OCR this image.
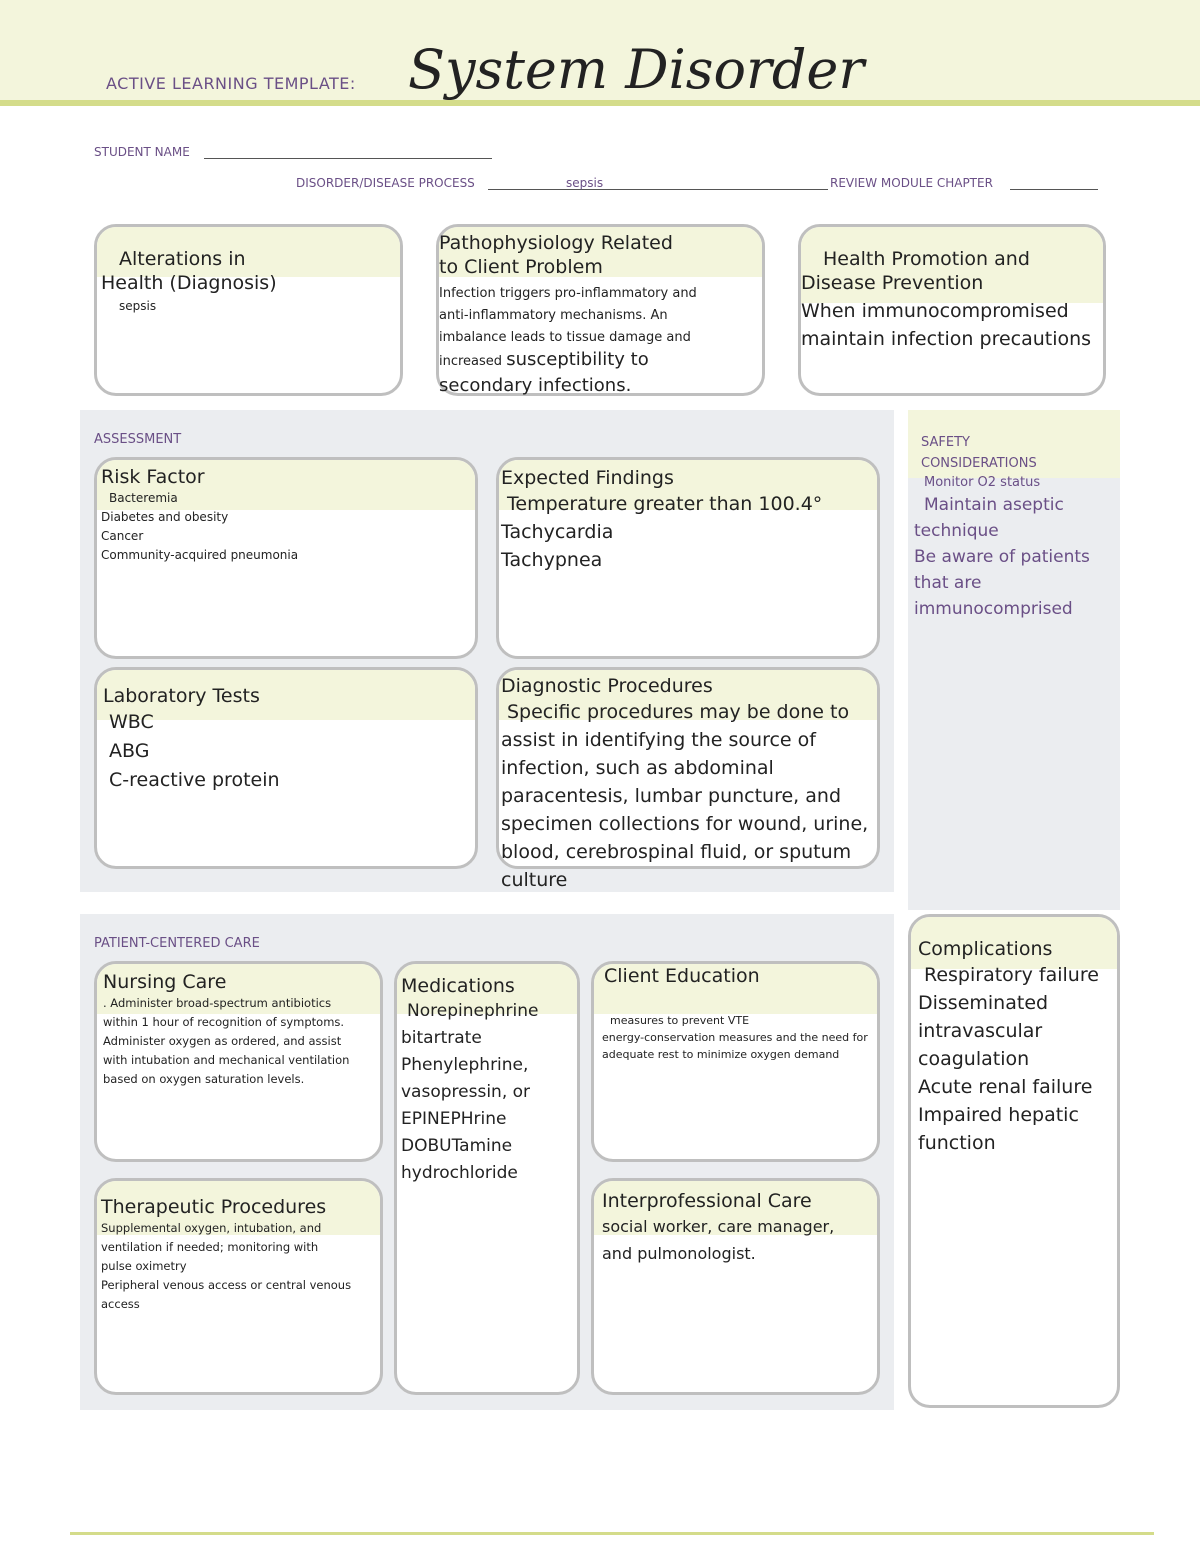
ACTIVE LEARNING TEMPLATE: System Disorder
STUDENT NAME
DISORDER/DISEASE PROCESS	sepsis	REVIEW MODULE CHAPTER
Alterations in
Health (Diagnosis)
sepsis
Pathophysiology Related
to Client Problem
Infection triggers pro-inflammatory and
anti-inflammatory mechanisms. An
imbalance leads to tissue damage and
increased susceptibility to
secondary infections.
Health Promotion and
Disease Prevention
When immunocompromised
maintain infection precautions
ASSESSMENT
Risk Factor
Bacteremia
Diabetes and obesity
Cancer
Community-acquired pneumonia
Expected Findings
Temperature greater than 100.4°
Tachycardia
Tachypnea
Laboratory Tests
WBC
ABG
C-reactive protein
Diagnostic Procedures
Specific procedures may be done to
assist in identifying the source of
infection, such as abdominal
paracentesis, lumbar puncture, and
specimen collections for wound, urine,
blood, cerebrospinal fluid, or sputum
culture
SAFETY
CONSIDERATIONS
Monitor O2 status
Maintain aseptic
technique
Be aware of patients
that are
immunocomprised
PATIENT-CENTERED CARE
Nursing Care
. Administer broad-spectrum antibiotics
within 1 hour of recognition of symptoms.
Administer oxygen as ordered, and assist
with intubation and mechanical ventilation
based on oxygen saturation levels.
Medications
Norepinephrine
bitartrate
Phenylephrine,
vasopressin, or
EPINEPHrine
DOBUTamine
hydrochloride
Client Education
measures to prevent VTE
energy-conservation measures and the need for
adequate rest to minimize oxygen demand
Therapeutic Procedures
Supplemental oxygen, intubation, and
ventilation if needed; monitoring with
pulse oximetry
Peripheral venous access or central venous
access
Interprofessional Care
social worker, care manager,
and pulmonologist.
Complications
Respiratory failure
Disseminated
intravascular
coagulation
Acute renal failure
Impaired hepatic
function
